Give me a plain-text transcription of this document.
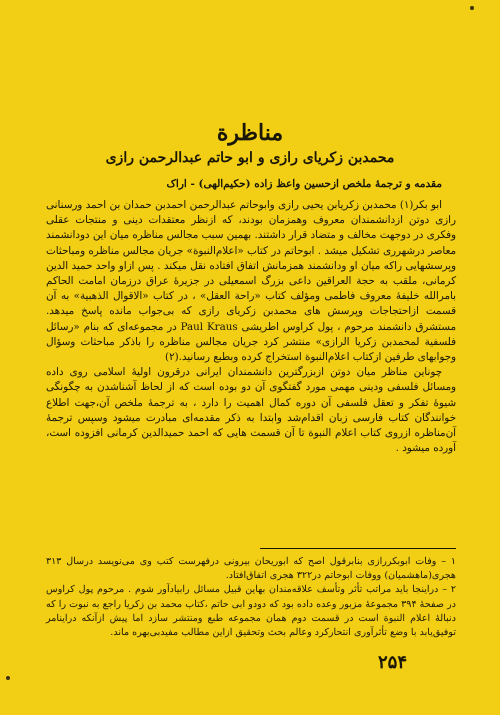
مناظرة
محمدبن زکریای رازی و ابو حاتم عبدالرحمن رازی
مقدمه و ترجمهٔ ملخص ازحسین واعظ زاده (حکیم‌الهی) - اراک

ابو بکر(۱) محمدبن زکریابن یحیی رازی وابوحاتم عبدالرحمن احمدبن حمدان بن احمد ورسنانی رازی دوتن ازدانشمندان معروف وهمزمان بودند، که ازنظر معتقدات دینی و منتجات عقلی وفکری در دوجهت مخالف و متضاد قرار داشتند. بهمین سبب مجالس مناظره میان این دودانشمند معاصر درشهرری تشکیل میشد . ابوحاتم در کتاب «اعلام‌النبوة» جریان مجالس مناظره ومباحثات وپرسشهایی راکه میان او ودانشمند همزمانش اتفاق افتاده نقل میکند . پس ازاو واحد حمید الدین کرمانی، ملقب به حجة العراقین داعی بزرگ اسمعیلی در جزیرهٔ عراق درزمان امامت الحاکم بامرالله خلیفهٔ معروف فاطمی ومؤلف کتاب «راحة العقل» ، در کتاب «الاقوال الذهبیة» به آن قسمت ازاحتجاجات وپرسش های محمدبن زکریای رازی که بی‌جواب مانده پاسخ میدهد. مستشرق دانشمند مرحوم ، پول کراوس اطریشی Paul Kraus در مجموعه‌ای که بنام «رسائل فلسفیة لمحمدبن زکریا الرازی» منتشر کرد جریان مجالس مناظره را باذکر مباحثات وسؤال وجوابهای طرفین ازکتاب اعلام‌النبوة استخراج کرده وبطبع رسانید.(۲)

چوناین مناظر میان دوتن ازبزرگترین دانشمندان ایرانی درقرون اولیهٔ اسلامی روی داده ومسائل فلسفی ودینی مهمی مورد گفتگوی آن دو بوده است که از لحاظ آشناشدن به چگونگی شیوهٔ تفکر و تعقل فلسفی آن دوره کمال اهمیت را دارد ، به ترجمهٔ ملخص آن،جهت اطلاع خوانندگان کتاب فارسی زبان اقدام‌شد وابتدا به ذکر مقدمه‌ای مبادرت میشود وسپس ترجمهٔ آن‌مناظره ازروی کتاب اعلام النبوة تا آن قسمت هایی که احمد حمیدالدین کرمانی افزوده است، آورده میشود .

۱ – وفات ابوبکررازی بنابرقول اصح که ابوریحان بیرونی درفهرست کتب وی می‌نویسد درسال ۳۱۳ هجری(ماهشمیان) ووفات ابوحاتم در۳۲۲ هجری اتفاق‌افتاد.

۲ – دراینجا باید مراتب تأثر وتأسف علاقه‌مندان بهاین قبیل مسائل رابیادآور شوم . مرحوم پول کراوس در صفحهٔ ۳۹۴ مجموعهٔ مزبور وعده داده بود که دودو ابی حاتم ،کتاب محمد بن زکریا راجع به نبوت را که دنبالهٔ اعلام النبوة است در قسمت دوم همان مجموعه طبع ومنتشر سازد اما پیش ازآنکه دراینامر توفیق‌یابد با وضع تأثرآوری انتحارکرد وعالم بحث وتحقیق ازاین مطالب مفیدبی‌بهره ماند.

۲۵۴
